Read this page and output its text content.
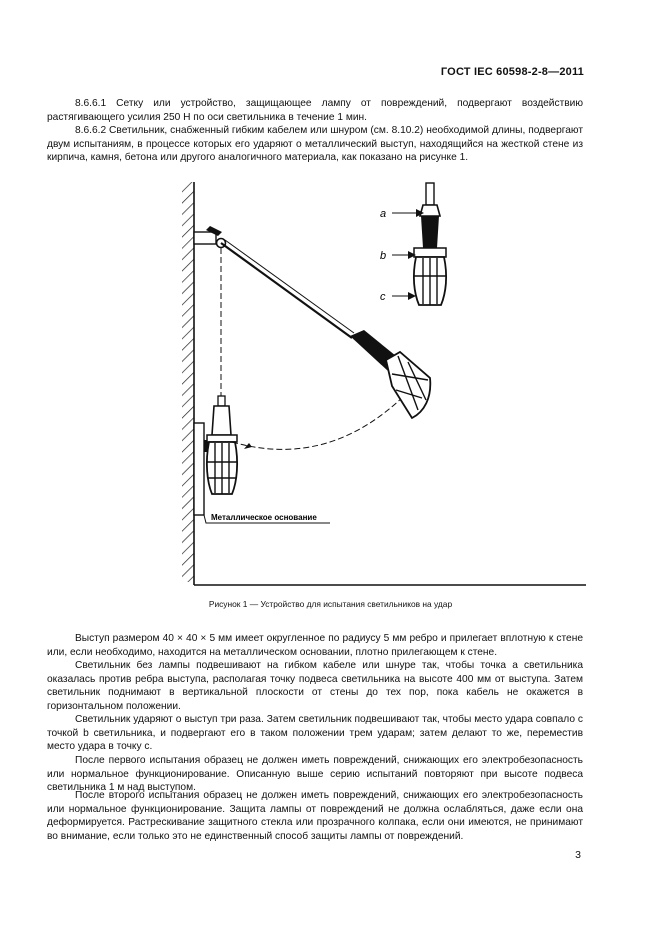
ГОСТ IEC 60598-2-8—2011
8.6.6.1 Сетку или устройство, защищающее лампу от повреждений, подвергают воздействию растягивающего усилия 250 Н по оси светильника в течение 1 мин.
8.6.6.2 Светильник, снабженный гибким кабелем или шнуром (см. 8.10.2) необходимой длины, подвергают двум испытаниям, в процессе которых его ударяют о металлический выступ, находящийся на жесткой стене из кирпича, камня, бетона или другого аналогичного материала, как показано на рисунке 1.
a
b
c
Металлическое основание
Рисунок 1 — Устройство для испытания светильников на удар
Выступ размером 40 × 40 × 5 мм имеет округленное по радиусу 5 мм ребро и прилегает вплотную к стене или, если необходимо, находится на металлическом основании, плотно прилегающем к стене.
Светильник без лампы подвешивают на гибком кабеле или шнуре так, чтобы точка а светильника оказалась против ребра выступа, располагая точку подвеса светильника на высоте 400 мм от выступа. Затем светильник поднимают в вертикальной плоскости от стены до тех пор, пока кабель не окажется в горизонтальном положении.
Светильник ударяют о выступ три раза. Затем светильник подвешивают так, чтобы место удара совпало с точкой b светильника, и подвергают его в таком положении трем ударам; затем делают то же, переместив место удара в точку с.
После первого испытания образец не должен иметь повреждений, снижающих его электробезопасность или нормальное функционирование. Описанную выше серию испытаний повторяют при высоте подвеса светильника 1 м над выступом.
После второго испытания образец не должен иметь повреждений, снижающих его электробезопасность или нормальное функционирование. Защита лампы от повреждений не должна ослабляться, даже если она деформируется. Растрескивание защитного стекла или прозрачного колпака, если они имеются, не принимают во внимание, если только это не единственный способ защиты лампы от повреждений.
3
